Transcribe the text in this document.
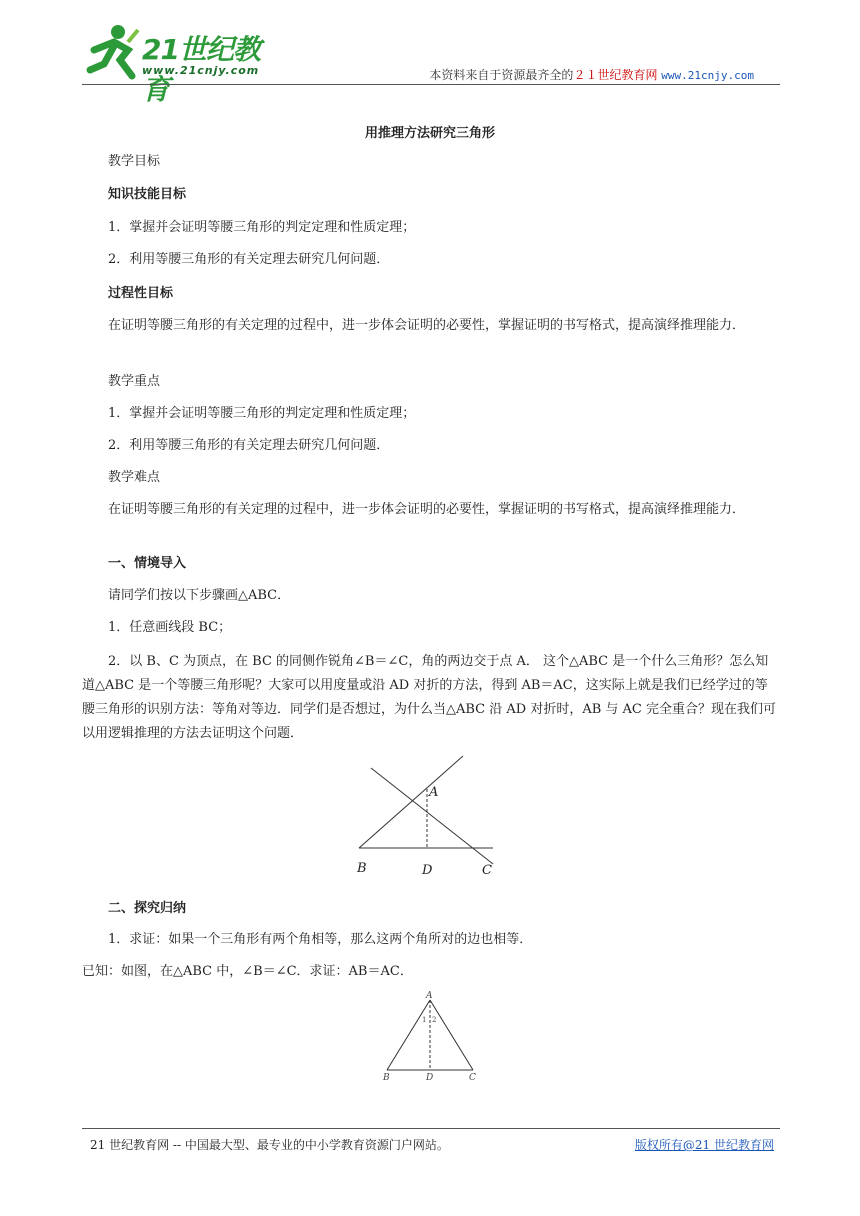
21世纪教育
www.21cnjy.com	本资料来自于资源最齐全的２１世纪教育网 www.21cnjy.com
用推理方法研究三角形
教学目标
知识技能目标
1．掌握并会证明等腰三角形的判定定理和性质定理；
2．利用等腰三角形的有关定理去研究几何问题．
过程性目标
在证明等腰三角形的有关定理的过程中，进一步体会证明的必要性，掌握证明的书写格式，提高演绎推理能力．
教学重点
1．掌握并会证明等腰三角形的判定定理和性质定理；
2．利用等腰三角形的有关定理去研究几何问题．
教学难点
在证明等腰三角形的有关定理的过程中，进一步体会证明的必要性，掌握证明的书写格式，提高演绎推理能力．
一、情境导入
请同学们按以下步骤画△ABC．
1．任意画线段 BC；
2．以 B、C 为顶点，在 BC 的同侧作锐角∠B＝∠C，角的两边交于点 A． 这个△ABC 是一个什么三角形？怎么知道△ABC 是一个等腰三角形呢？大家可以用度量或沿 AD 对折的方法，得到 AB＝AC，这实际上就是我们已经学过的等腰三角形的识别方法：等角对等边．同学们是否想过，为什么当△ABC 沿 AD 对折时，AB 与 AC 完全重合？现在我们可以用逻辑推理的方法去证明这个问题．
A
B	D	C
二、探究归纳
1．求证：如果一个三角形有两个角相等，那么这两个角所对的边也相等．
已知：如图，在△ABC 中，∠B＝∠C．求证：AB＝AC．
A
1 2
B	D	C
21 世纪教育网 -- 中国最大型、最专业的中小学教育资源门户网站。	版权所有@21 世纪教育网
